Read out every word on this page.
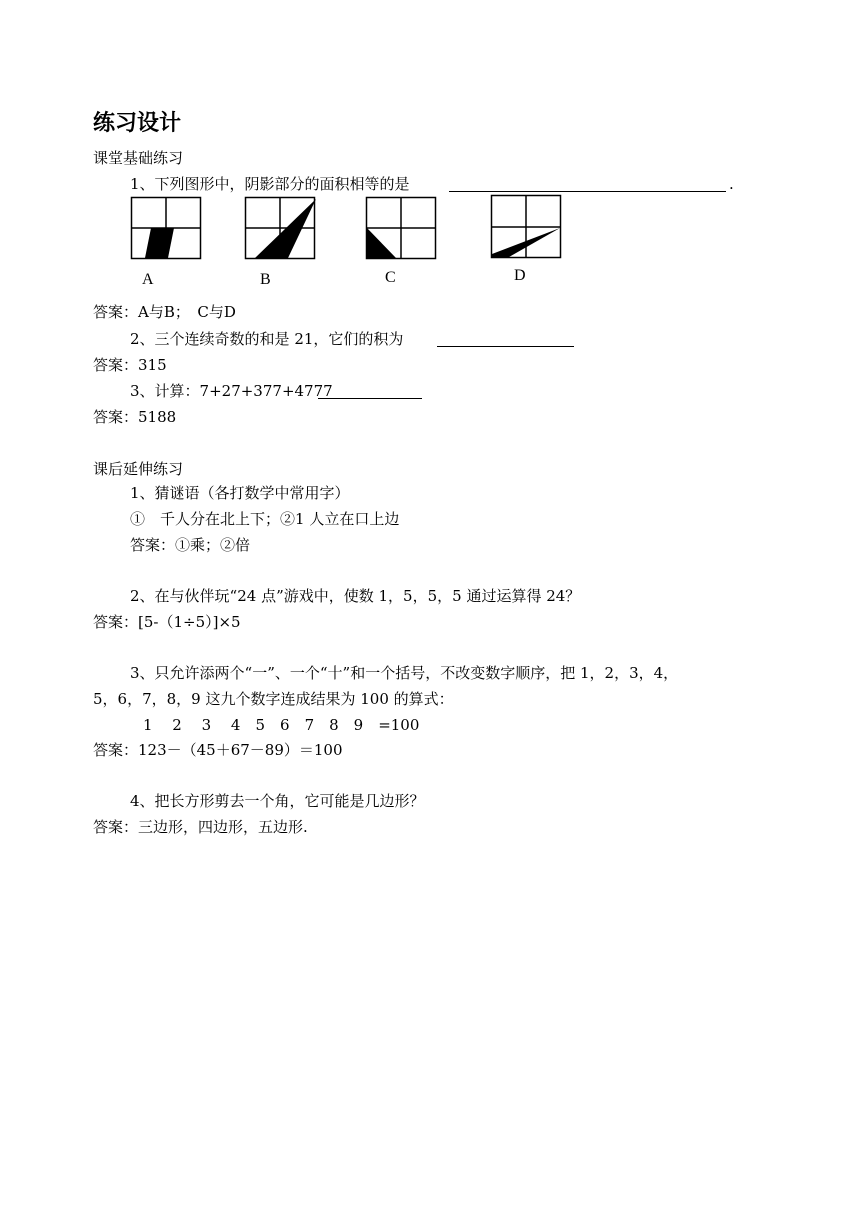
练习设计
课堂基础练习
1、下列图形中，阴影部分的面积相等的是	.
A	B	C	D
答案：A与B；　C与D
2、三个连续奇数的和是 21，它们的积为
答案：315
3、计算：7+27+377+4777
答案：5188
课后延伸练习
1、猜谜语（各打数学中常用字）
①　千人分在北上下；②1 人立在口上边
答案：①乘；②倍
2、在与伙伴玩“24 点”游戏中，使数 1，5，5，5 通过运算得 24？
答案：[5-（1÷5）]×5
3、只允许添两个“一”、一个“十”和一个括号，不改变数字顺序，把 1，2，3，4，
5，6，7，8，9 这九个数字连成结果为 100 的算式：
1　 2　 3　 4　5　6　7　8　9　=100
答案：123－（45＋67－89）＝100
4、把长方形剪去一个角，它可能是几边形？
答案：三边形，四边形，五边形.
